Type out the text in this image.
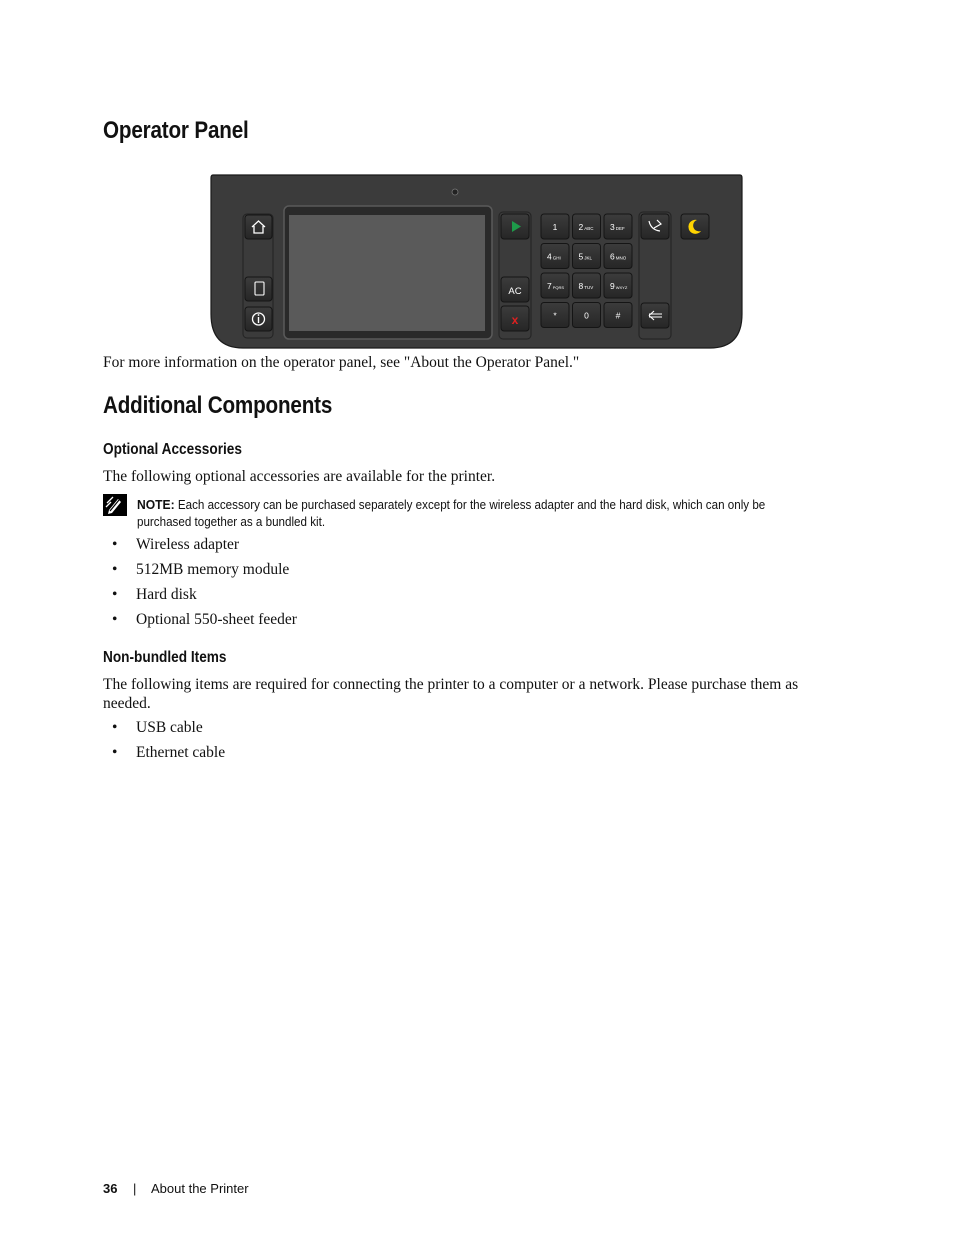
Operator Panel
AC
x
1 2ABC 3DEF
4GHI 5JKL 6MNO
7PQRS 8TUV 9WXYZ
*	0	#

For more information on the operator panel, see "About the Operator Panel."

Additional Components
Optional Accessories

The following optional accessories are available for the printer.

NOTE: Each accessory can be purchased separately except for the wireless adapter and the hard disk, which can only be purchased together as a bundled kit.
• Wireless adapter
• 512MB memory module
• Hard disk
• Optional 550-sheet feeder
Non-bundled Items

The following items are required for connecting the printer to a computer or a network. Please purchase them as needed.

• USB cable
• Ethernet cable
36 | About the Printer
